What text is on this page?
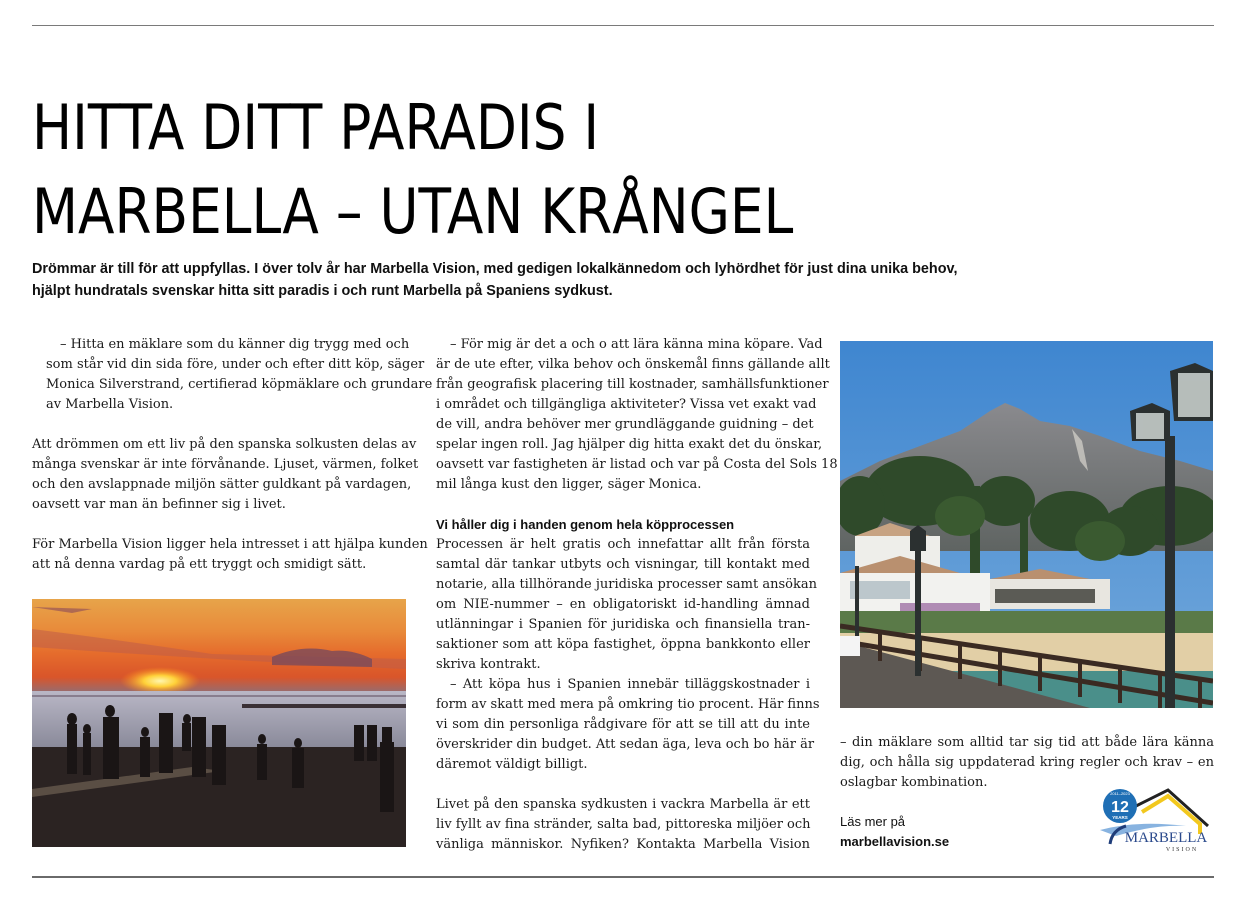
HITTA DITT PARADIS I
MARBELLA – UTAN KRÅNGEL
Drömmar är till för att uppfyllas. I över tolv år har Marbella Vision, med gedigen lokalkännedom och lyhördhet för just dina unika behov,
hjälpt hundratals svenskar hitta sitt paradis i och runt Marbella på Spaniens sydkust.

– Hitta en mäklare som du känner dig trygg med och
som står vid din sida före, under och efter ditt köp, säger
Monica Silverstrand, certifierad köpmäklare och grundare
av Marbella Vision.

Att drömmen om ett liv på den spanska solkusten delas av
många svenskar är inte förvånande. Ljuset, värmen, folket
och den avslappnade miljön sätter guldkant på vardagen,
oavsett var man än befinner sig i livet.

För Marbella Vision ligger hela intresset i att hjälpa kunden
att nå denna vardag på ett tryggt och smidigt sätt.

– För mig är det a och o att lära känna mina köpare. Vad
är de ute efter, vilka behov och önskemål finns gällande allt
från geografisk placering till kostnader, samhällsfunktioner
i området och tillgängliga aktiviteter? Vissa vet exakt vad
de vill, andra behöver mer grundläggande guidning – det
spelar ingen roll. Jag hjälper dig hitta exakt det du önskar,
oavsett var fastigheten är listad och var på Costa del Sols 18
mil långa kust den ligger, säger Monica.

Vi håller dig i handen genom hela köpprocessen

Processen är helt gratis och innefattar allt från första
samtal där tankar utbyts och visningar, till kontakt med
notarie, alla tillhörande juridiska processer samt ansökan
om NIE-nummer – en obligatoriskt id-handling ämnad
utlänningar i Spanien för juridiska och finansiella tran-
saktioner som att köpa fastighet, öppna bankkonto eller
skriva kontrakt.

– Att köpa hus i Spanien innebär tilläggskostnader i
form av skatt med mera på omkring tio procent. Här finns
vi som din personliga rådgivare för att se till att du inte
överskrider din budget. Att sedan äga, leva och bo här är
däremot väldigt billigt.

Livet på den spanska sydkusten i vackra Marbella är ett
liv fyllt av fina stränder, salta bad, pittoreska miljöer och
vänliga människor. Nyfiken? Kontakta Marbella Vision

– din mäklare som alltid tar sig tid att både lära känna
dig, och hålla sig uppdaterad kring regler och krav – en
oslagbar kombination.

Läs mer på
marbellavision.se
2011–2023
12
YEARS
MARBELLA
VISION
